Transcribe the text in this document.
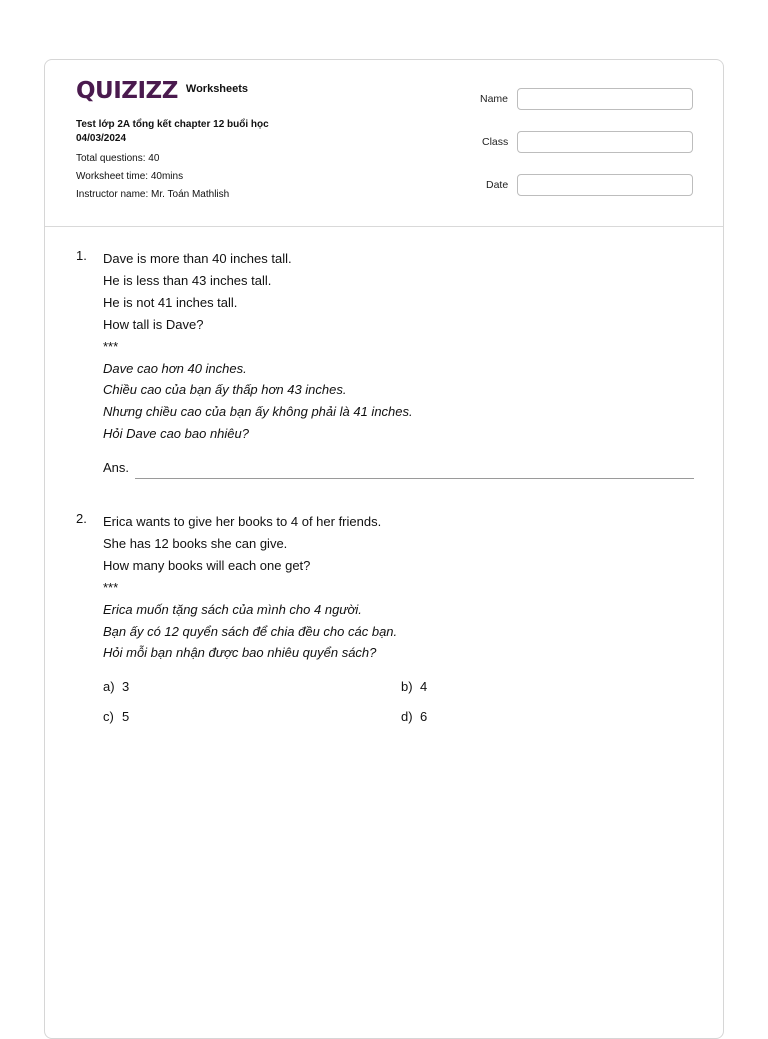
QUIZIZZ Worksheets
Test lớp 2A tổng kết chapter 12 buổi học
04/03/2024
Total questions: 40
Worksheet time: 40mins
Instructor name: Mr. Toán Mathlish
Name
Class
Date
1. Dave is more than 40 inches tall.
He is less than 43 inches tall.
He is not 41 inches tall.
How tall is Dave?
***
Dave cao hơn 40 inches.
Chiều cao của bạn ấy thấp hơn 43 inches.
Nhưng chiều cao của bạn ấy không phải là 41 inches.
Hỏi Dave cao bao nhiêu?
Ans.
2. Erica wants to give her books to 4 of her friends.
She has 12 books she can give.
How many books will each one get?
***
Erica muốn tặng sách của mình cho 4 người.
Bạn ấy có 12 quyển sách để chia đều cho các bạn.
Hỏi mỗi bạn nhận được bao nhiêu quyển sách?
a) 3	b) 4
c) 5	d) 6
